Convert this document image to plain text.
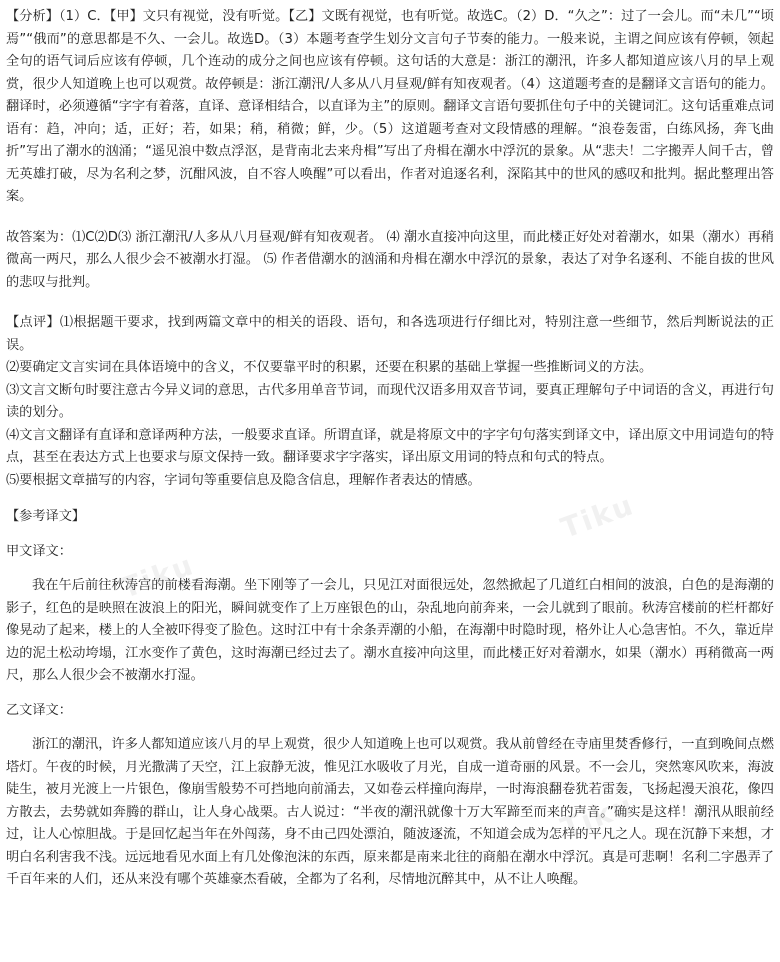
【分析】（1）C．【甲】文只有视觉，没有听觉。【乙】文既有视觉，也有听觉。故选C。（2）D．“久之”：过了一会儿。而“未几”“顷焉”“俄而”的意思都是不久、一会儿。故选D。（3）本题考查学生划分文言句子节奏的能力。一般来说，主谓之间应该有停顿，领起全句的语气词后应该有停顿，几个连动的成分之间也应该有停顿。这句话的大意是：浙江的潮汛，许多人都知道应该八月的早上观赏，很少人知道晚上也可以观赏。故停顿是：浙江潮汛/人多从八月昼观/鲜有知夜观者。（4）这道题考查的是翻译文言语句的能力。翻译时，必须遵循“字字有着落，直译、意译相结合，以直译为主”的原则。翻译文言语句要抓住句子中的关键词汇。这句话重难点词语有：趋，冲向；适，正好；若，如果；稍，稍微；鲜，少。（5）这道题考查对文段情感的理解。“浪卷轰雷，白练风扬，奔飞曲折”写出了潮水的汹涌；“遥见浪中数点浮沤，是背南北去来舟楫”写出了舟楫在潮水中浮沉的景象。从“悲夫！二字搬弄人间千古，曾无英雄打破，尽为名利之梦，沉酣风波，自不容人唤醒”可以看出，作者对追逐名利，深陷其中的世风的感叹和批判。据此整理出答案。

故答案为：⑴C⑵D⑶ 浙江潮汛/人多从八月昼观/鲜有知夜观者。 ⑷ 潮水直接冲向这里，而此楼正好处对着潮水，如果（潮水）再稍微高一两尺，那么人很少会不被潮水打湿。 ⑸ 作者借潮水的汹涌和舟楫在潮水中浮沉的景象，表达了对争名逐利、不能自拔的世风的悲叹与批判。

【点评】⑴根据题干要求，找到两篇文章中的相关的语段、语句，和各选项进行仔细比对，特别注意一些细节，然后判断说法的正误。

⑵要确定文言实词在具体语境中的含义，不仅要靠平时的积累，还要在积累的基础上掌握一些推断词义的方法。

⑶文言文断句时要注意古今异义词的意思，古代多用单音节词，而现代汉语多用双音节词，要真正理解句子中词语的含义，再进行句读的划分。

⑷文言文翻译有直译和意译两种方法，一般要求直译。所谓直译，就是将原文中的字字句句落实到译文中，译出原文中用词造句的特点，甚至在表达方式上也要求与原文保持一致。翻译要求字字落实，译出原文用词的特点和句式的特点。

⑸要根据文章描写的内容，字词句等重要信息及隐含信息，理解作者表达的情感。

【参考译文】

甲文译文：

我在午后前往秋涛宫的前楼看海潮。坐下刚等了一会儿，只见江对面很远处，忽然掀起了几道红白相间的波浪，白色的是海潮的影子，红色的是映照在波浪上的阳光，瞬间就变作了上万座银色的山，杂乱地向前奔来，一会儿就到了眼前。秋涛宫楼前的栏杆都好像晃动了起来，楼上的人全被吓得变了脸色。这时江中有十余条弄潮的小船，在海潮中时隐时现，格外让人心急害怕。不久，靠近岸边的泥土松动垮塌，江水变作了黄色，这时海潮已经过去了。潮水直接冲向这里，而此楼正好对着潮水，如果（潮水）再稍微高一两尺，那么人很少会不被潮水打湿。

乙文译文：

浙江的潮汛，许多人都知道应该八月的早上观赏，很少人知道晚上也可以观赏。我从前曾经在寺庙里焚香修行，一直到晚间点燃塔灯。午夜的时候，月光撒满了天空，江上寂静无波，惟见江水吸收了月光，自成一道奇丽的风景。不一会儿，突然寒风吹来，海波陡生，被月光渡上一片银色，像崩雪般势不可挡地向前涌去，又如卷云样撞向海岸，一时海浪翻卷犹若雷轰，飞扬起漫天浪花，像四方散去，去势就如奔腾的群山，让人身心战栗。古人说过：“半夜的潮汛就像十万大军蹄至而来的声音。”确实是这样！潮汛从眼前经过，让人心惊胆战。于是回忆起当年在外闯荡，身不由己四处漂泊，随波逐流，不知道会成为怎样的平凡之人。现在沉静下来想，才明白名利害我不浅。远远地看见水面上有几处像泡沫的东西，原来都是南来北往的商船在潮水中浮沉。真是可悲啊！名利二字愚弄了千百年来的人们，还从来没有哪个英雄豪杰看破，全都为了名利，尽情地沉醉其中，从不让人唤醒。

Tiku
Tiku
Tiku
